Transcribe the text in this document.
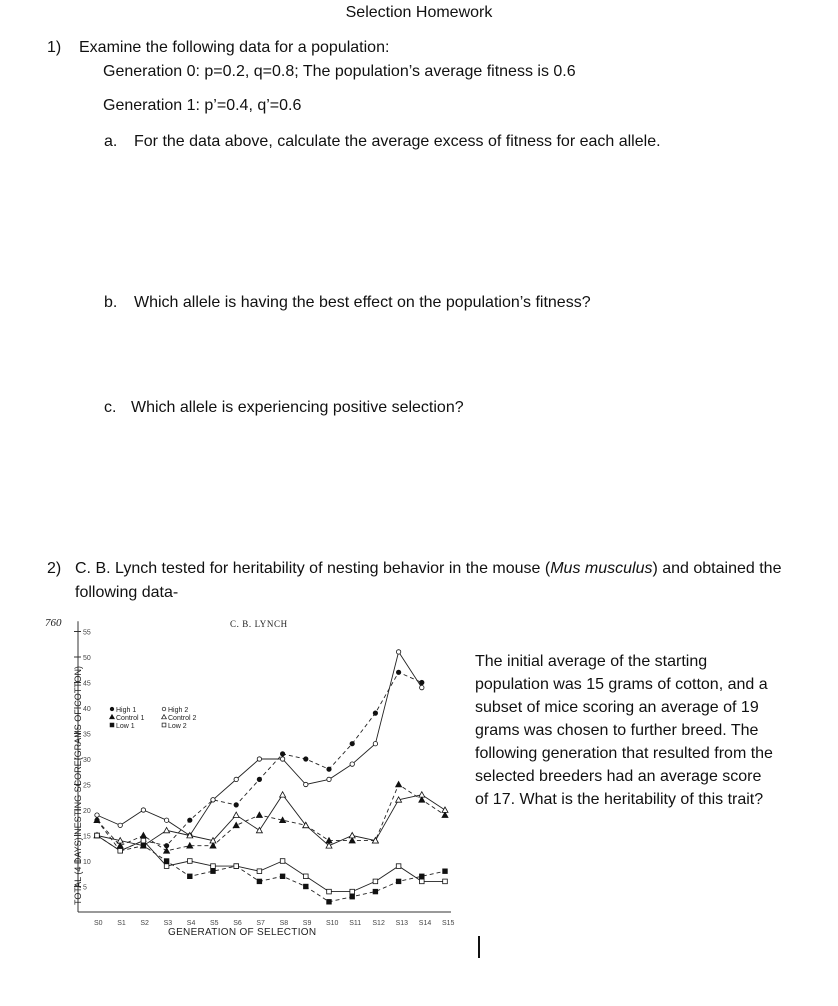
Selection Homework
1) Examine the following data for a population:
Generation 0: p=0.2, q=0.8; The population’s average fitness is 0.6
Generation 1: p’=0.4, q’=0.6
a. For the data above, calculate the average excess of fitness for each allele.
b. Which allele is having the best effect on the population’s fitness?
c. Which allele is experiencing positive selection?
2) C. B. Lynch tested for heritability of nesting behavior in the mouse (Mus musculus) and obtained the
following data-
The initial average of the starting population was 15 grams of cotton, and a subset of mice scoring an average of 19 grams was chosen to further breed. The following generation that resulted from the selected breeders had an average score of 17. What is the heritability of this trait?
760	C. B. LYNCH
5
10
15
20
25
30
35
40
45
50
55
S0 S1 S2 S3 S4 S5 S6 S7 S8 S9 S10 S11 S12 S13 S14 S15
GENERATION OF SELECTION
TOTAL (4 DAYS) NESTING SCORE(GRAMS OF COTTON)	High 1
Control 1
Low 1
High 2
Control 2
Low 2
